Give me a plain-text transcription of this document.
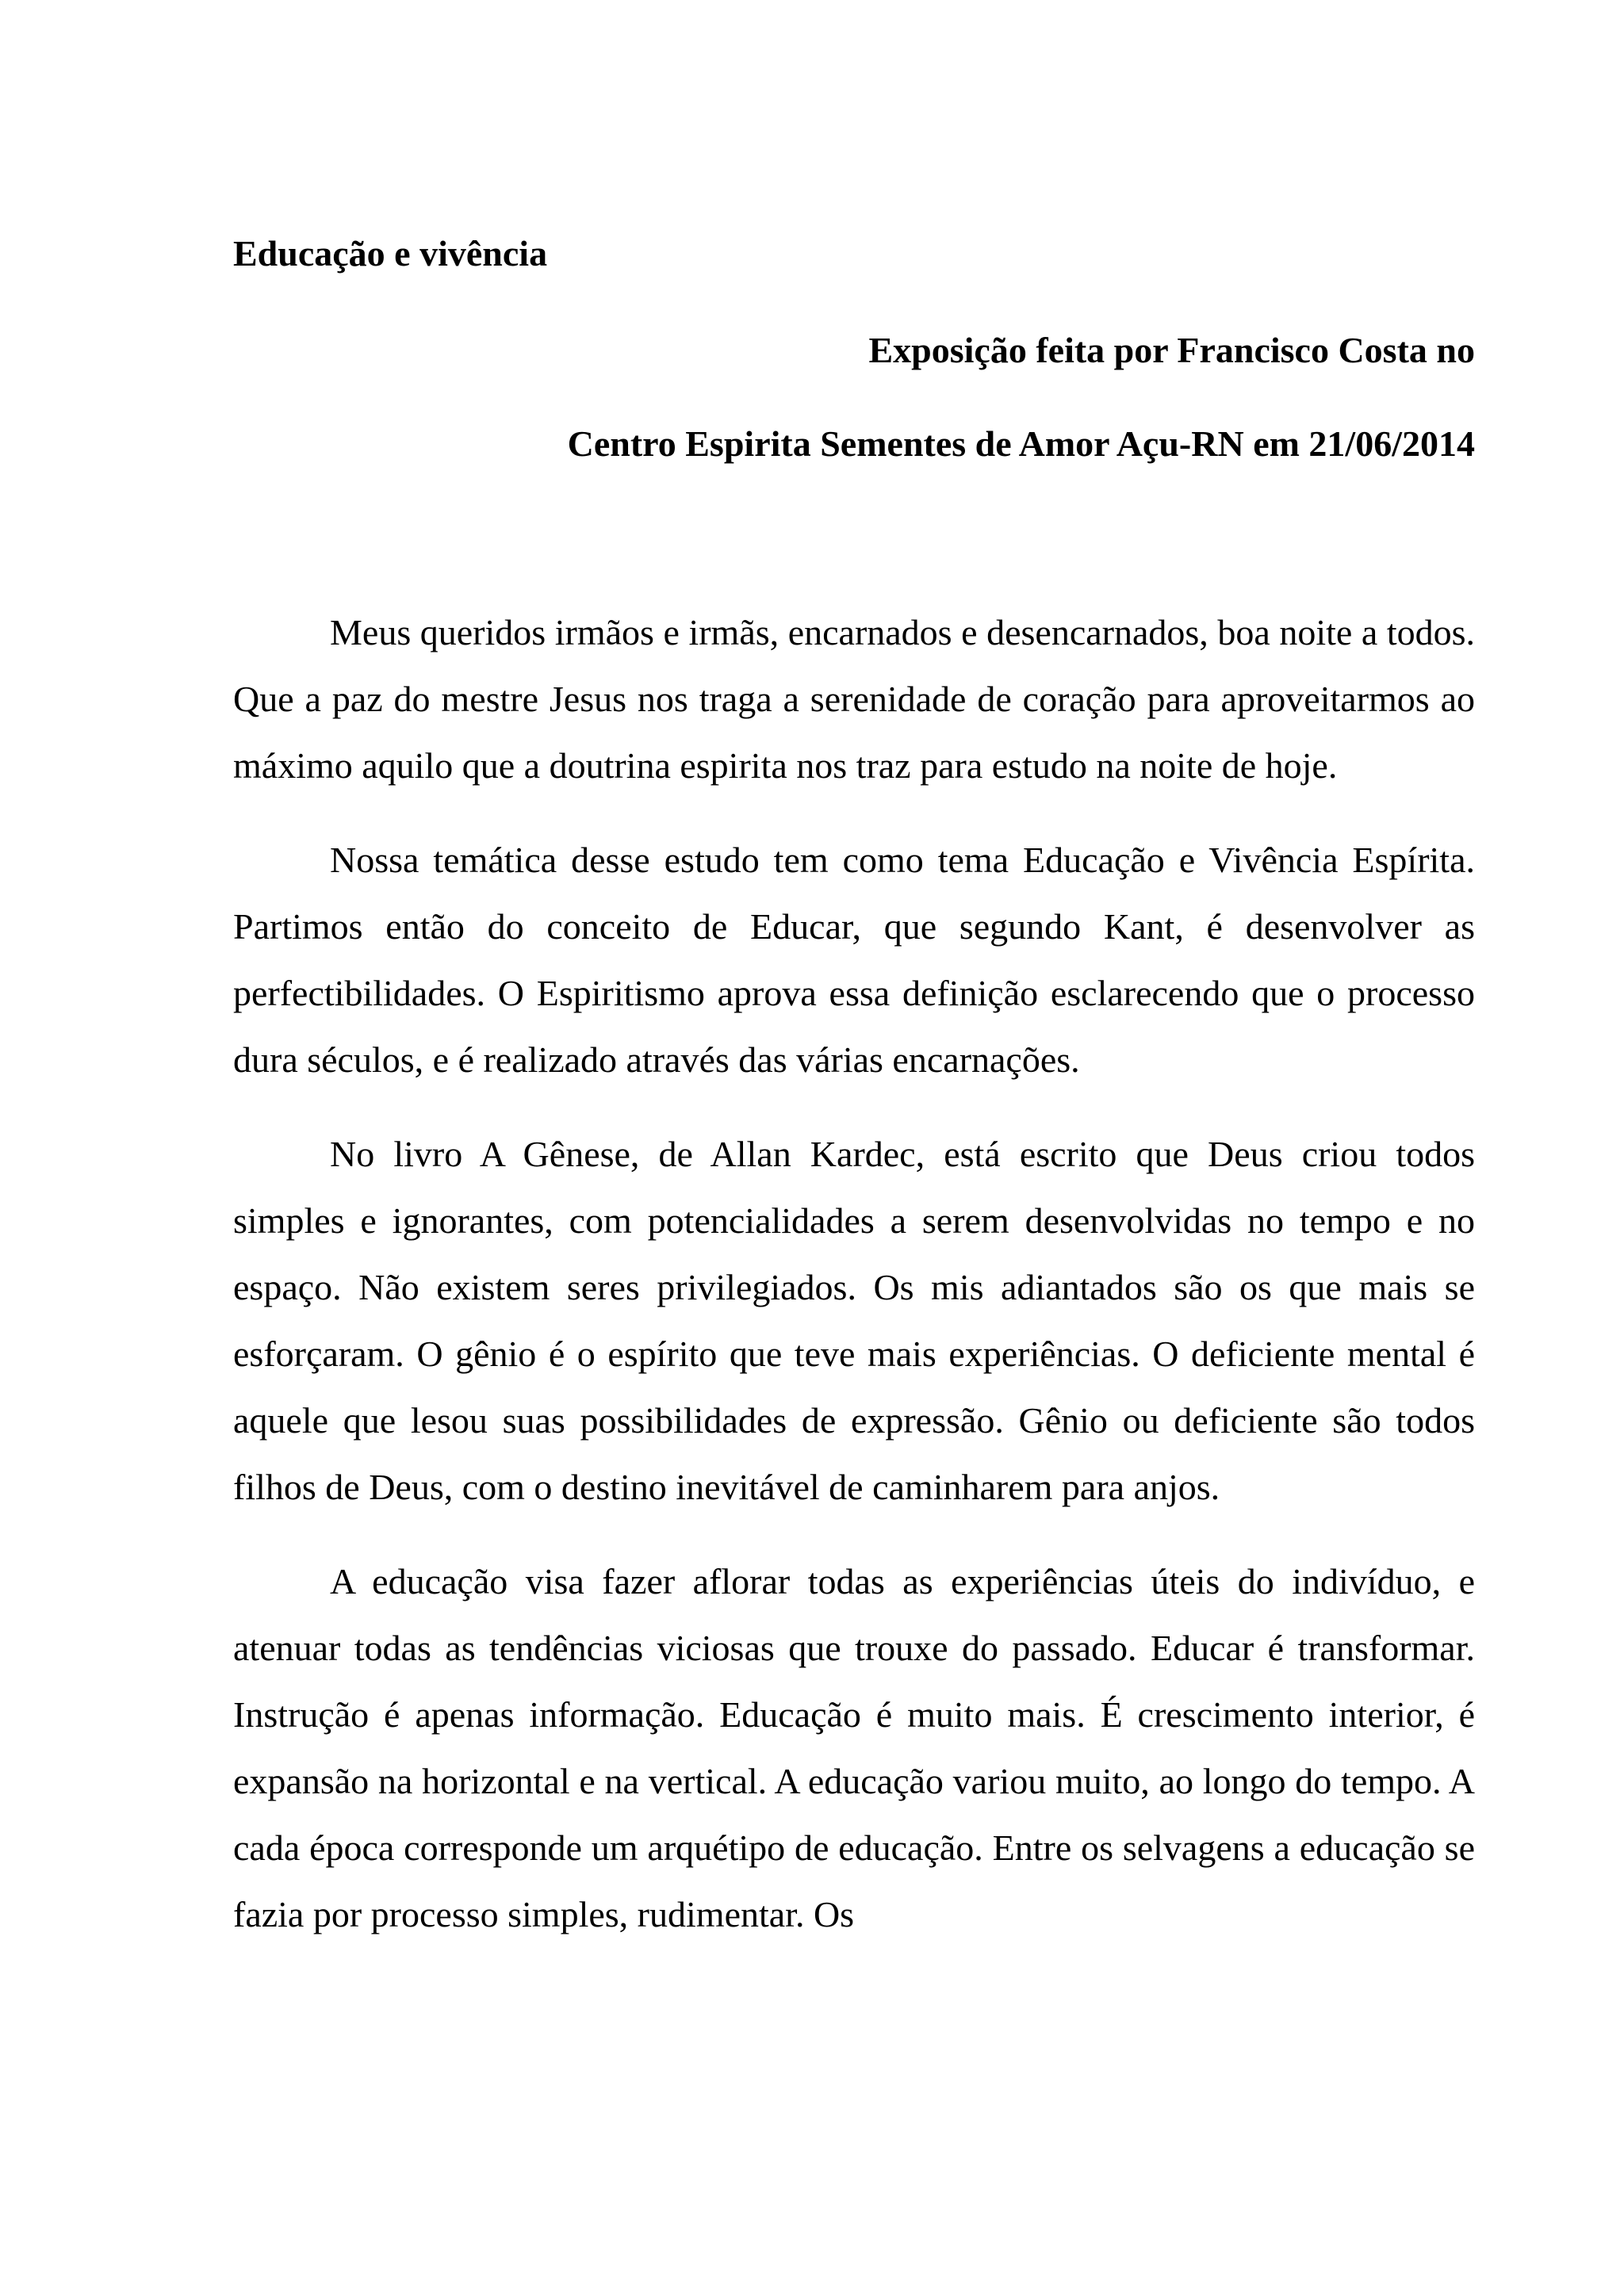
Educação e vivência

Exposição feita por Francisco Costa no

Centro Espirita Sementes de Amor Açu-RN em 21/06/2014

Meus queridos irmãos e irmãs, encarnados e desencarnados, boa noite a todos. Que a paz do mestre Jesus nos traga a serenidade de coração para aproveitarmos ao máximo aquilo que a doutrina espirita nos traz para estudo na noite de hoje.

Nossa temática desse estudo tem como tema Educação e Vivência Espírita. Partimos então do conceito de Educar, que segundo Kant, é desenvolver as perfectibilidades. O Espiritismo aprova essa definição esclarecendo que o processo dura séculos, e é realizado através das várias encarnações.

No livro A Gênese, de Allan Kardec, está escrito que Deus criou todos simples e ignorantes, com potencialidades a serem desenvolvidas no tempo e no espaço. Não existem seres privilegiados. Os mis adiantados são os que mais se esforçaram. O gênio é o espírito que teve mais experiências. O deficiente mental é aquele que lesou suas possibilidades de expressão. Gênio ou deficiente são todos filhos de Deus, com o destino inevitável de caminharem para anjos.

A educação visa fazer aflorar todas as experiências úteis do indivíduo, e atenuar todas as tendências viciosas que trouxe do passado. Educar é transformar. Instrução é apenas informação. Educação é muito mais. É crescimento interior, é expansão na horizontal e na vertical. A educação variou muito, ao longo do tempo. A cada época corresponde um arquétipo de educação. Entre os selvagens a educação se fazia por processo simples, rudimentar. Os
